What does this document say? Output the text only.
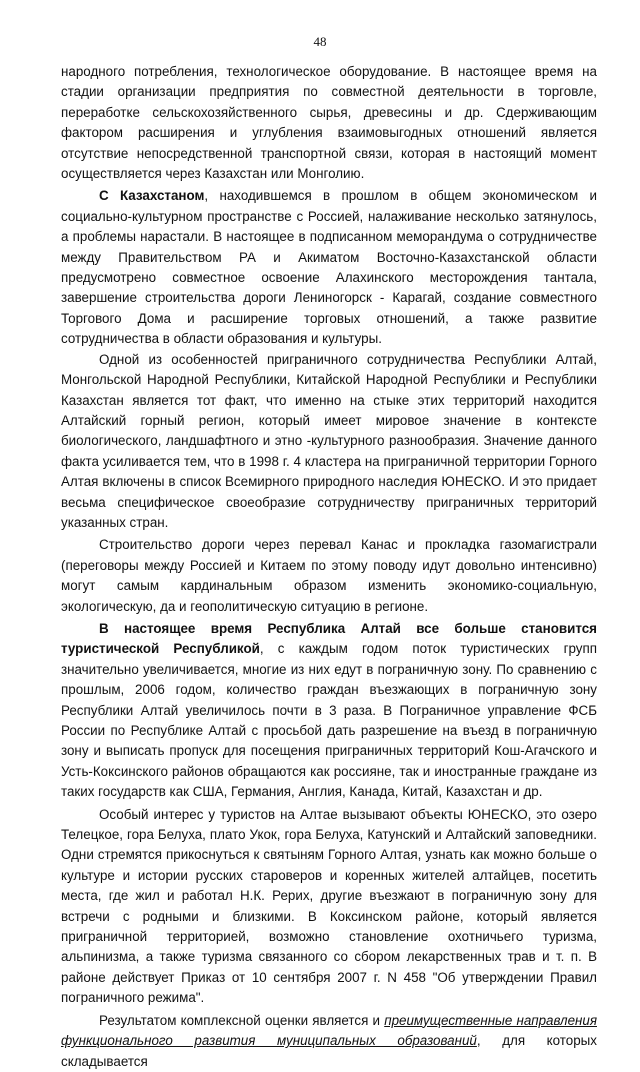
48

народного потребления, технологическое оборудование. В настоящее время на стадии организации предприятия по совместной деятельности в торговле, переработке сельскохозяйственного сырья, древесины и др. Сдерживающим фактором расширения и углубления взаимовыгодных отношений является отсутствие непосредственной транспортной связи, которая в настоящий момент осуществляется через Казахстан или Монголию.

С Казахстаном, находившемся в прошлом в общем экономическом и социально-культурном пространстве с Россией, налаживание несколько затянулось, а проблемы нарастали. В настоящее в подписанном меморандума о сотрудничестве между Правительством РА и Акиматом Восточно-Казахстанской области предусмотрено совместное освоение Алахинского месторождения тантала, завершение строительства дороги Лениногорск - Карагай, создание совместного Торгового Дома и расширение торговых отношений, а также развитие сотрудничества в области образования и культуры.

Одной из особенностей приграничного сотрудничества Республики Алтай, Монгольской Народной Республики, Китайской Народной Республики и Республики Казахстан является тот факт, что именно на стыке этих территорий находится Алтайский горный регион, который имеет мировое значение в контексте биологического, ландшафтного и этно -культурного разнообразия. Значение данного факта усиливается тем, что в 1998 г. 4 кластера на приграничной территории Горного Алтая включены в список Всемирного природного наследия ЮНЕСКО. И это придает весьма специфическое своеобразие сотрудничеству приграничных территорий указанных стран.

Строительство дороги через перевал Канас и прокладка газомагистрали (переговоры между Россией и Китаем по этому поводу идут довольно интенсивно) могут самым кардинальным образом изменить экономико-социальную, экологическую, да и геополитическую ситуацию в регионе.

В настоящее время Республика Алтай все больше становится туристической Республикой, с каждым годом поток туристических групп значительно увеличивается, многие из них едут в пограничную зону. По сравнению с прошлым, 2006 годом, количество граждан въезжающих в пограничную зону Республики Алтай увеличилось почти в 3 раза. В Пограничное управление ФСБ России по Республике Алтай с просьбой дать разрешение на въезд в пограничную зону и выписать пропуск для посещения приграничных территорий Кош-Агачского и Усть-Коксинского районов обращаются как россияне, так и иностранные граждане из таких государств как США, Германия, Англия, Канада, Китай, Казахстан и др.

Особый интерес у туристов на Алтае вызывают объекты ЮНЕСКО, это озеро Телецкое, гора Белуха, плато Укок, гора Белуха, Катунский и Алтайский заповедники. Одни стремятся прикоснуться к святыням Горного Алтая, узнать как можно больше о культуре и истории русских староверов и коренных жителей алтайцев, посетить места, где жил и работал Н.К. Рерих, другие въезжают в пограничную зону для встречи с родными и близкими. В Коксинском районе, который является приграничной территорией, возможно становление охотничьего туризма, альпинизма, а также туризма связанного со сбором лекарственных трав и т. п. В районе действует Приказ от 10 сентября 2007 г. N 458 "Об утверждении Правил пограничного режима".

Результатом комплексной оценки является и преимущественные направления функционального развития муниципальных образований, для которых складывается
